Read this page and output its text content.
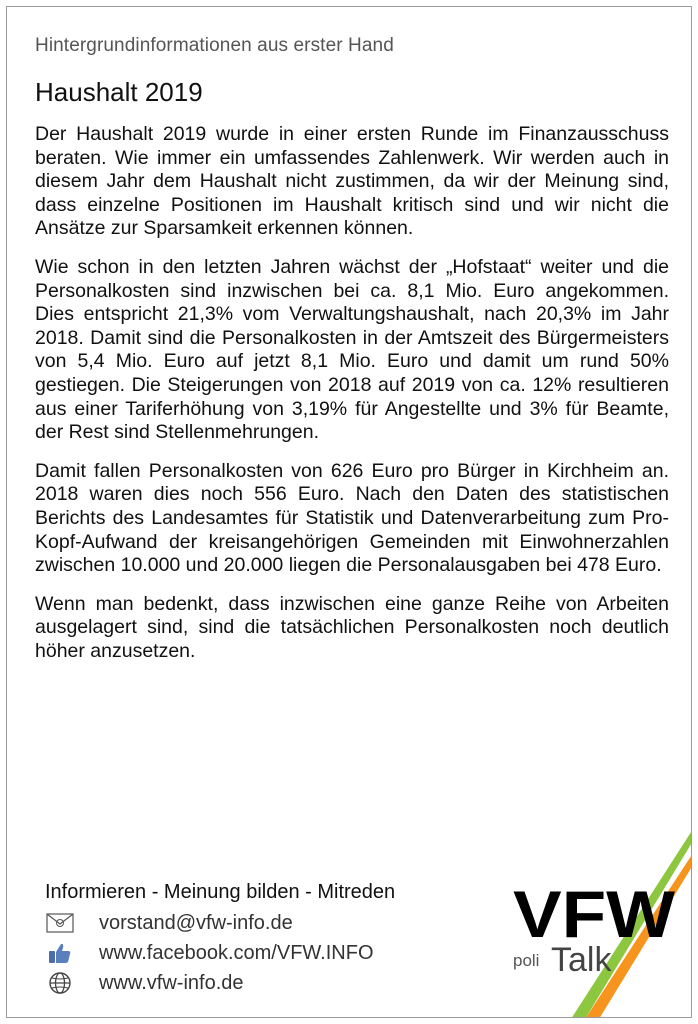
Hintergrundinformationen aus erster Hand
Haushalt 2019

Der Haushalt 2019 wurde in einer ersten Runde im Finanzausschuss beraten. Wie immer ein umfassendes Zahlenwerk. Wir werden auch in diesem Jahr dem Haushalt nicht zustimmen, da wir der Meinung sind, dass einzelne Positionen im Haushalt kritisch sind und wir nicht die Ansätze zur Sparsamkeit erkennen können.

Wie schon in den letzten Jahren wächst der „Hofstaat“ weiter und die Personalkosten sind inzwischen bei ca. 8,1 Mio. Euro angekommen. Dies entspricht 21,3% vom Verwaltungshaushalt, nach 20,3% im Jahr 2018. Damit sind die Personalkosten in der Amtszeit des Bürgermeisters von 5,4 Mio. Euro auf jetzt 8,1 Mio. Euro und damit um rund 50% gestiegen. Die Steigerungen von 2018 auf 2019 von ca. 12% resultieren aus einer Tariferhöhung von 3,19% für Angestellte und 3% für Beamte, der Rest sind Stellenmehrungen.

Damit fallen Personalkosten von 626 Euro pro Bürger in Kirchheim an. 2018 waren dies noch 556 Euro. Nach den Daten des statistischen Berichts des Landesamtes für Statistik und Datenverarbeitung zum Pro-Kopf-Aufwand der kreisangehörigen Gemeinden mit Einwohnerzahlen zwischen 10.000 und 20.000 liegen die Personalausgaben bei 478 Euro.

Wenn man bedenkt, dass inzwischen eine ganze Reihe von Arbeiten ausgelagert sind, sind die tatsächlichen Personalkosten noch deutlich höher anzusetzen.

Informieren - Meinung bilden - Mitreden
vorstand@vfw-info.de
www.facebook.com/VFW.INFO
www.vfw-info.de
VFW
poli Talk
